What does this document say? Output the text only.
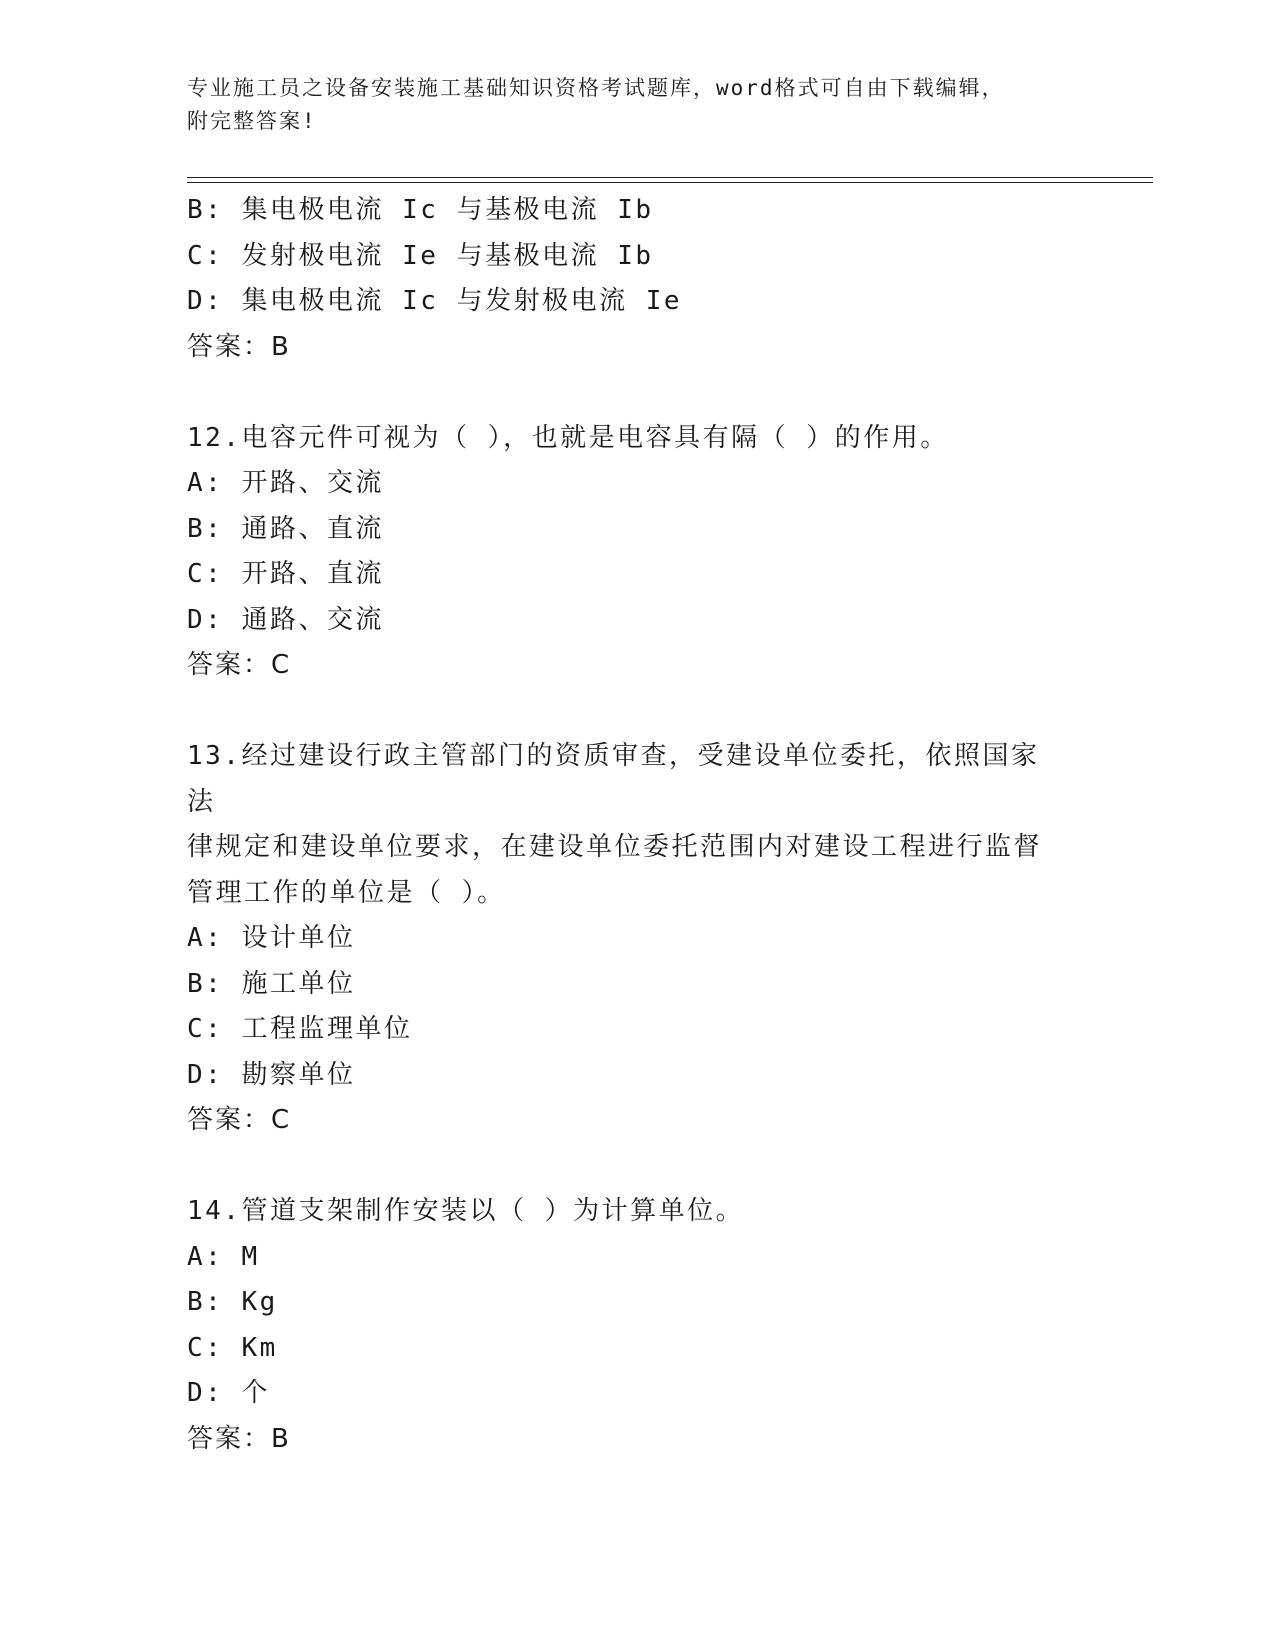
专业施工员之设备安装施工基础知识资格考试题库，word格式可自由下载编辑，
附完整答案!
B: 集电极电流 Ic 与基极电流 Ib
C: 发射极电流 Ie 与基极电流 Ib
D: 集电极电流 Ic 与发射极电流 Ie
答案：B
12.电容元件可视为（ ），也就是电容具有隔（ ）的作用。
A: 开路、交流
B: 通路、直流
C: 开路、直流
D: 通路、交流
答案：C
13.经过建设行政主管部门的资质审查，受建设单位委托，依照国家法
律规定和建设单位要求，在建设单位委托范围内对建设工程进行监督
管理工作的单位是（ ）。
A: 设计单位
B: 施工单位
C: 工程监理单位
D: 勘察单位
答案：C
14.管道支架制作安装以（ ）为计算单位。
A: M
B: Kg
C: Km
D: 个
答案：B
